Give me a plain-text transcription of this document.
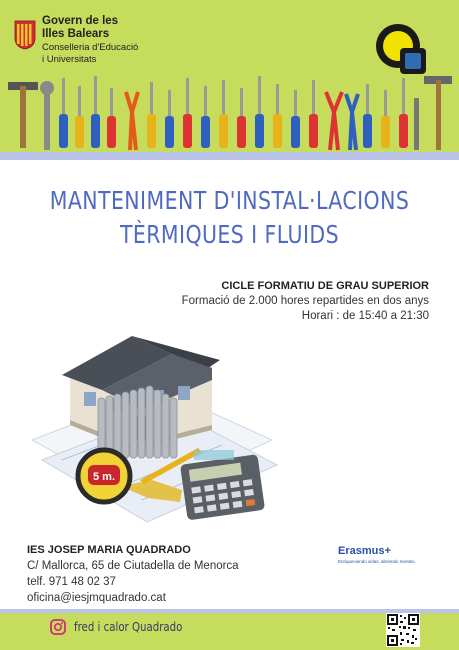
Govern de les
Illes Balears
Conselleria d'Educació
i Universitats
MANTENIMENT D'INSTAL·LACIONS
TÈRMIQUES I FLUIDS
CICLE FORMATIU DE GRAU SUPERIOR
Formació de 2.000 hores repartides en dos anys
Horari : de 15:40 a 21:30
5 m.
IES JOSEP MARIA QUADRADO
C/ Mallorca, 65 de Ciutadella de Menorca
telf. 971 48 02 37
oficina@iesjmquadrado.cat
Erasmus+
Enriqueciendo vidas, abriendo mentes.
fred i calor Quadrado
